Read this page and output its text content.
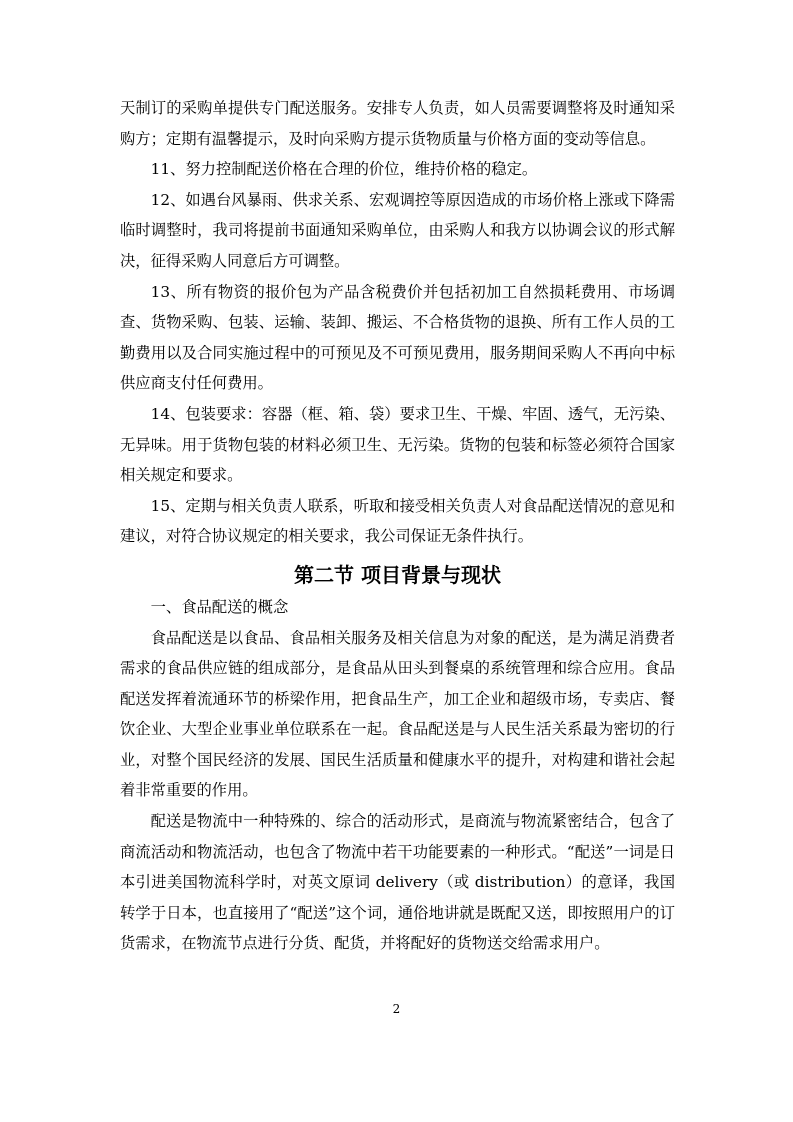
天制订的采购单提供专门配送服务。安排专人负责，如人员需要调整将及时通知采购方；定期有温馨提示，及时向采购方提示货物质量与价格方面的变动等信息。

11、努力控制配送价格在合理的价位，维持价格的稳定。

12、如遇台风暴雨、供求关系、宏观调控等原因造成的市场价格上涨或下降需临时调整时，我司将提前书面通知采购单位，由采购人和我方以协调会议的形式解决，征得采购人同意后方可调整。

13、所有物资的报价包为产品含税费价并包括初加工自然损耗费用、市场调查、货物采购、包装、运输、装卸、搬运、不合格货物的退换、所有工作人员的工勤费用以及合同实施过程中的可预见及不可预见费用，服务期间采购人不再向中标供应商支付任何费用。

14、包装要求：容器（框、箱、袋）要求卫生、干燥、牢固、透气，无污染、无异味。用于货物包装的材料必须卫生、无污染。货物的包装和标签必须符合国家相关规定和要求。

15、定期与相关负责人联系，听取和接受相关负责人对食品配送情况的意见和建议，对符合协议规定的相关要求，我公司保证无条件执行。

第二节 项目背景与现状

一、食品配送的概念

食品配送是以食品、食品相关服务及相关信息为对象的配送，是为满足消费者需求的食品供应链的组成部分，是食品从田头到餐桌的系统管理和综合应用。食品配送发挥着流通环节的桥梁作用，把食品生产，加工企业和超级市场，专卖店、餐饮企业、大型企业事业单位联系在一起。食品配送是与人民生活关系最为密切的行业，对整个国民经济的发展、国民生活质量和健康水平的提升，对构建和谐社会起着非常重要的作用。

配送是物流中一种特殊的、综合的活动形式，是商流与物流紧密结合，包含了商流活动和物流活动，也包含了物流中若干功能要素的一种形式。“配送”一词是日本引进美国物流科学时，对英文原词 delivery（或 distribution）的意译，我国转学于日本，也直接用了“配送”这个词，通俗地讲就是既配又送，即按照用户的订货需求，在物流节点进行分货、配货，并将配好的货物送交给需求用户。

2
